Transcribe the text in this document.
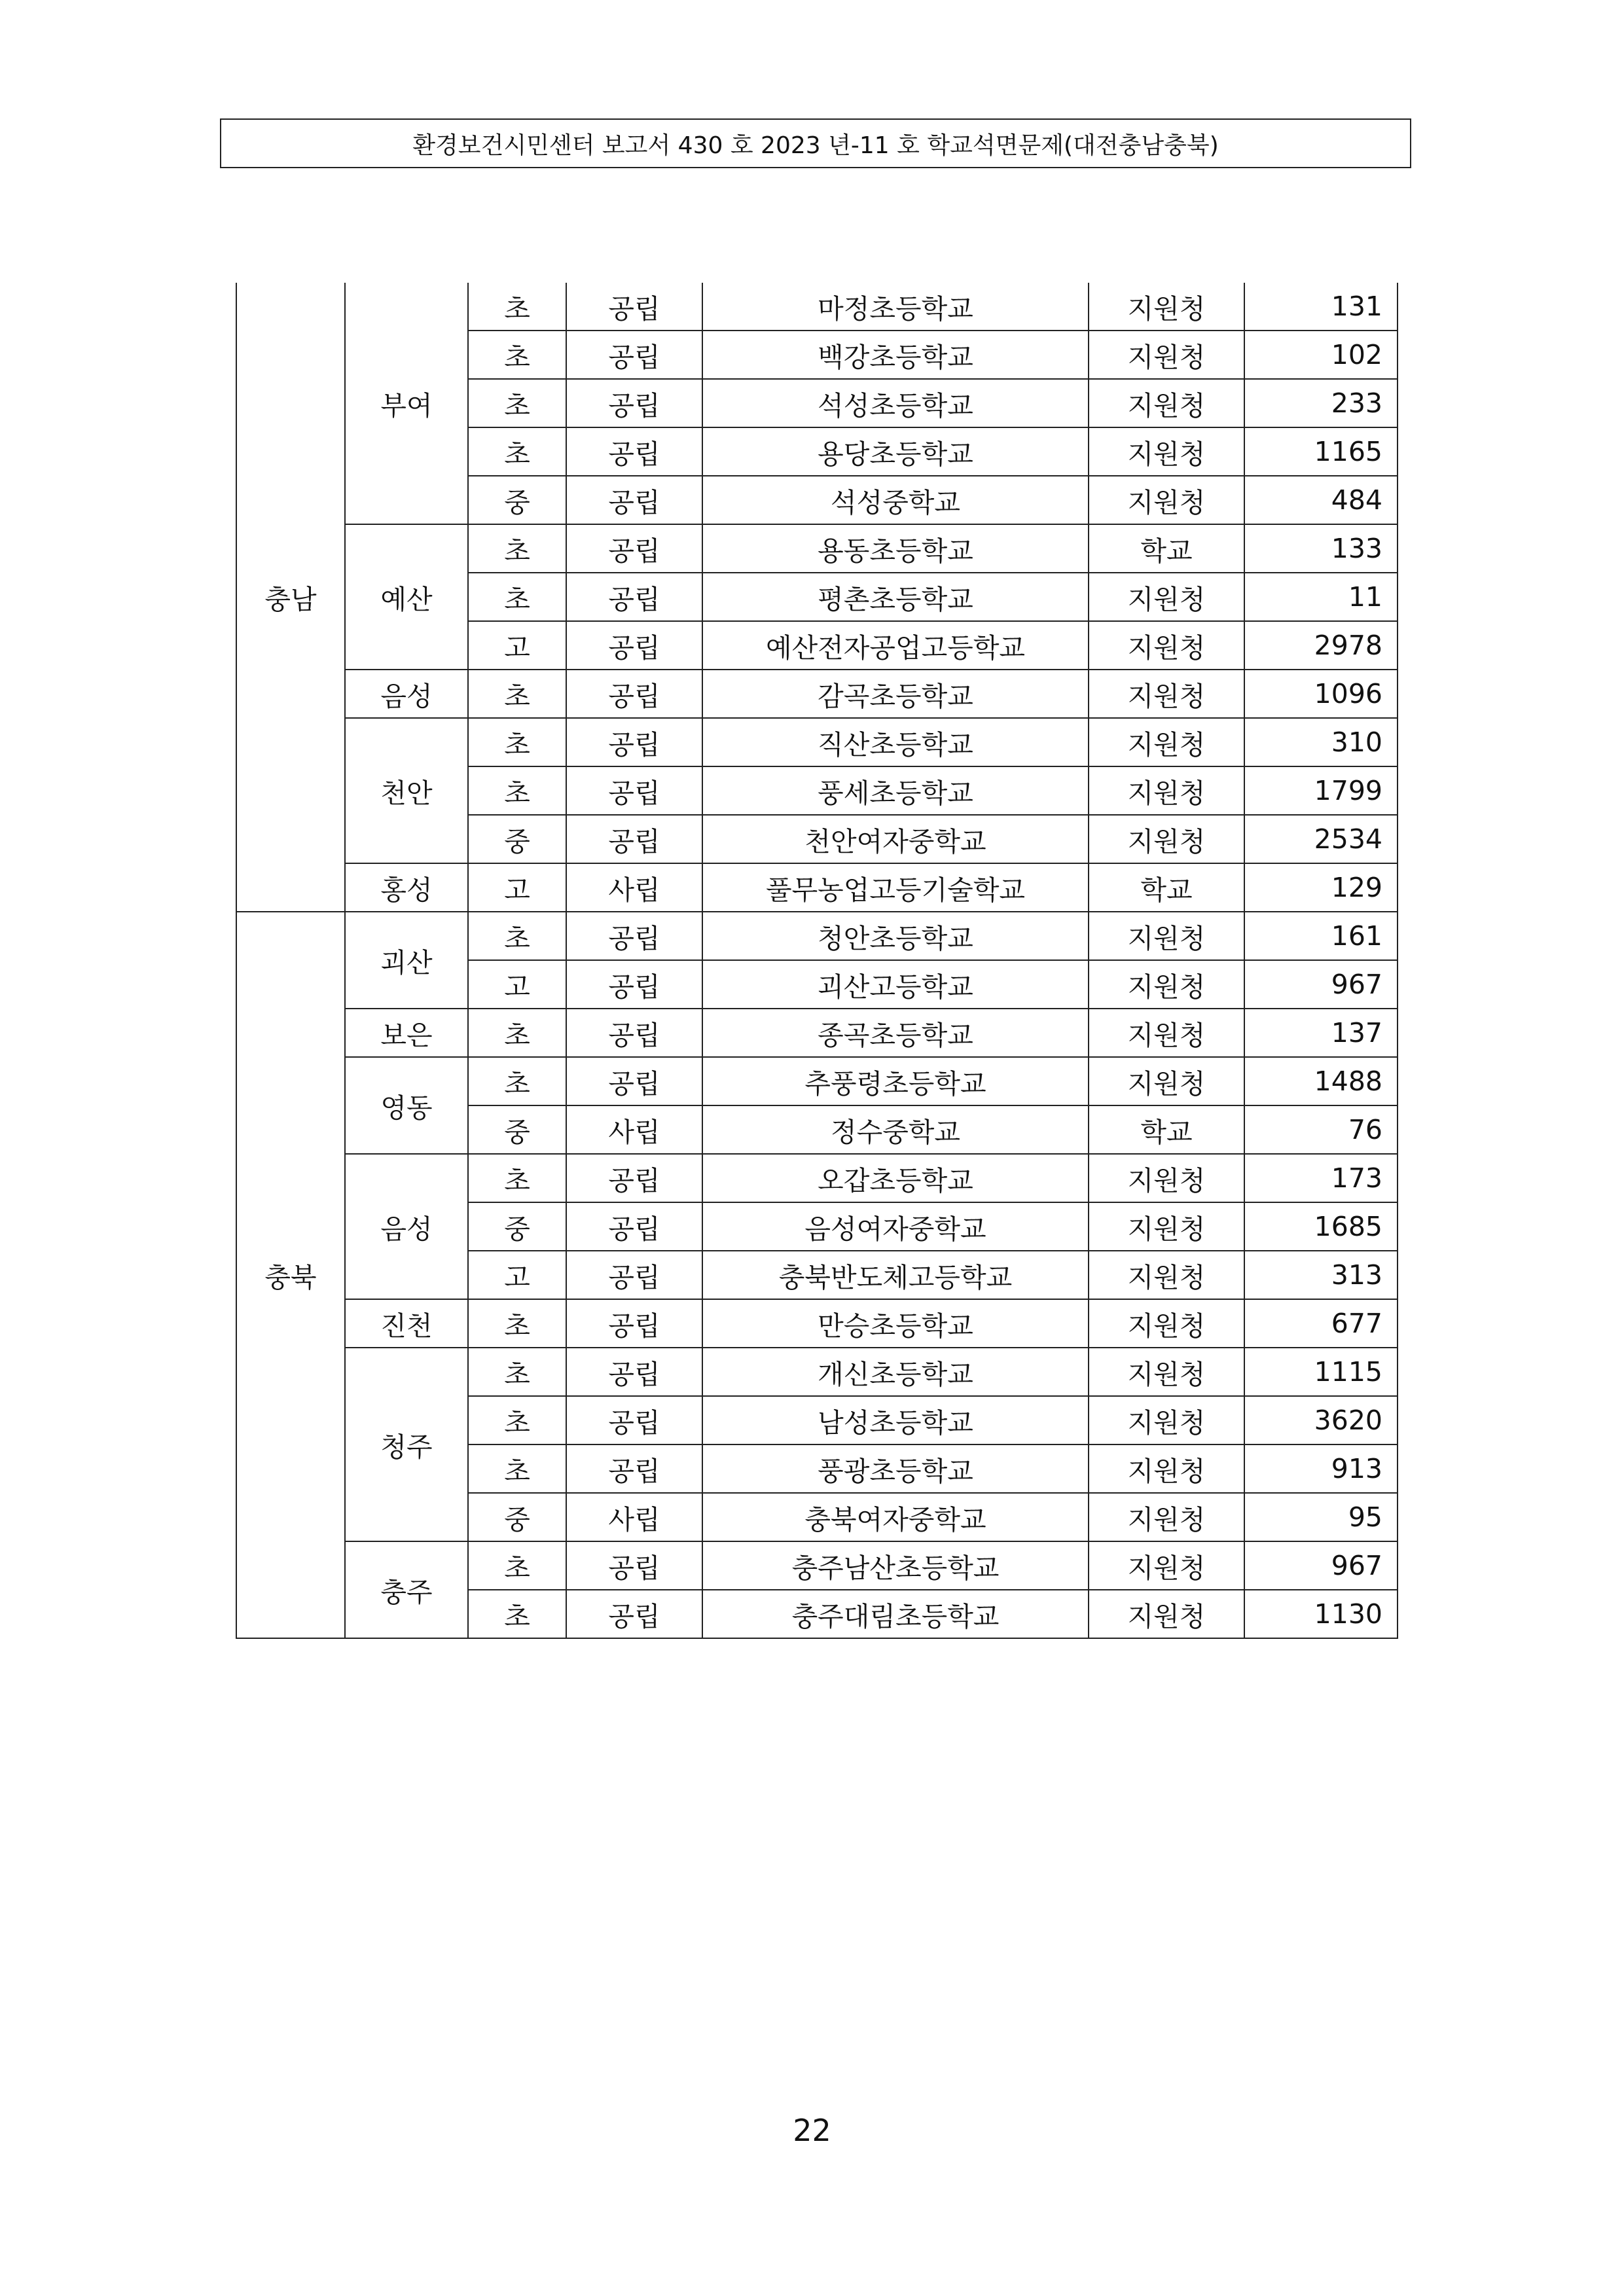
환경보건시민센터 보고서 430 호 2023 년-11 호 학교석면문제(대전충남충북)
충남	부여	초	공립	마정초등학교	지원청	131
		초	공립	백강초등학교	지원청	102
		초	공립	석성초등학교	지원청	233
		초	공립	용당초등학교	지원청	1165
		중	공립	석성중학교	지원청	484
	예산	초	공립	용동초등학교	학교	133
		초	공립	평촌초등학교	지원청	11
		고	공립	예산전자공업고등학교	지원청	2978
	음성	초	공립	감곡초등학교	지원청	1096
	천안	초	공립	직산초등학교	지원청	310
		초	공립	풍세초등학교	지원청	1799
		중	공립	천안여자중학교	지원청	2534
	홍성	고	사립	풀무농업고등기술학교	학교	129
충북	괴산	초	공립	청안초등학교	지원청	161
		고	공립	괴산고등학교	지원청	967
	보은	초	공립	종곡초등학교	지원청	137
	영동	초	공립	추풍령초등학교	지원청	1488
		중	사립	정수중학교	학교	76
	음성	초	공립	오갑초등학교	지원청	173
		중	공립	음성여자중학교	지원청	1685
		고	공립	충북반도체고등학교	지원청	313
	진천	초	공립	만승초등학교	지원청	677
	청주	초	공립	개신초등학교	지원청	1115
		초	공립	남성초등학교	지원청	3620
		초	공립	풍광초등학교	지원청	913
		중	사립	충북여자중학교	지원청	95
	충주	초	공립	충주남산초등학교	지원청	967
		초	공립	충주대림초등학교	지원청	1130
22
